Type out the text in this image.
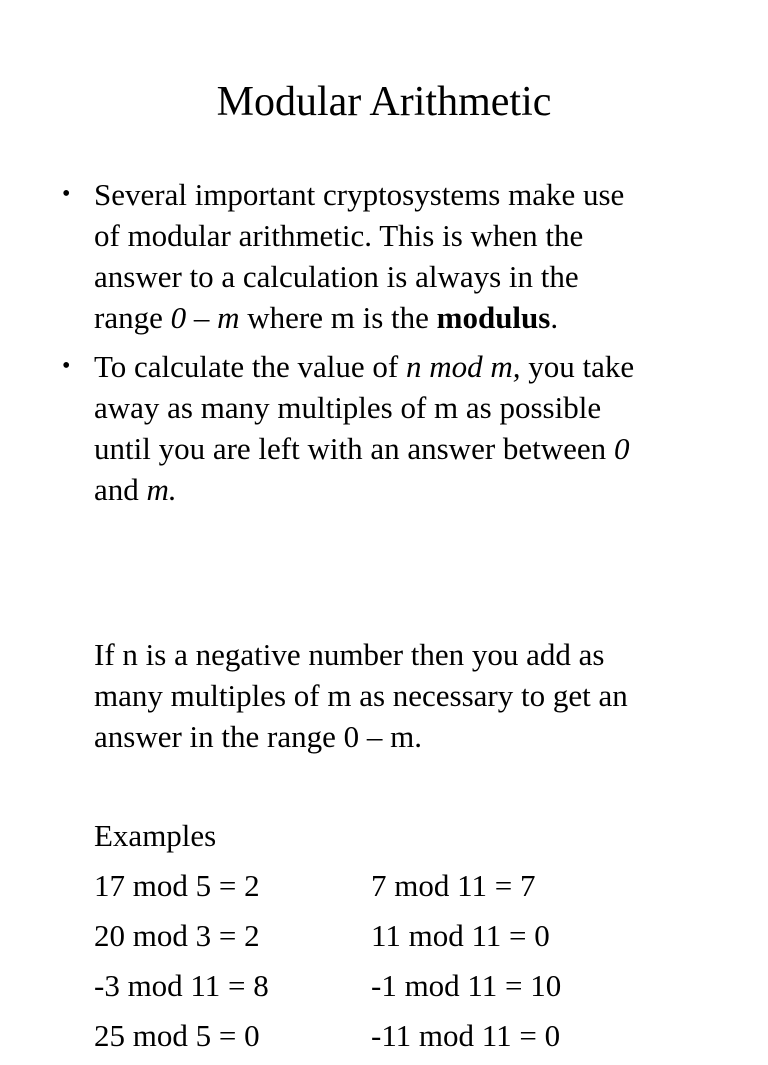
Modular Arithmetic
• Several important cryptosystems make use
of modular arithmetic. This is when the
answer to a calculation is always in the
range 0 – m where m is the modulus.
• To calculate the value of n mod m, you take
away as many multiples of m as possible
until you are left with an answer between 0
and m.
If n is a negative number then you add as
many multiples of m as necessary to get an
answer in the range 0 – m.
Examples
17 mod 5 = 2	7 mod 11 = 7
20 mod 3 = 2	11 mod 11 = 0
-3 mod 11 = 8	-1 mod 11 = 10
25 mod 5 = 0	-11 mod 11 = 0
